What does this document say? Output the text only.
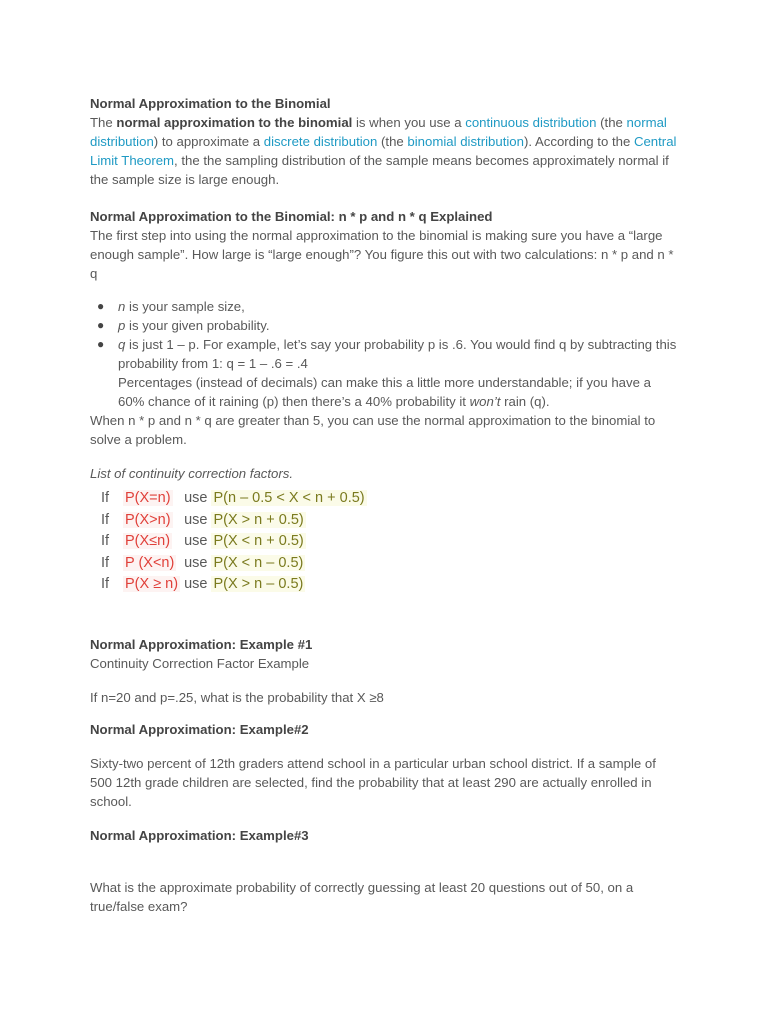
Normal Approximation to the Binomial

The normal approximation to the binomial is when you use a continuous distribution (the normal distribution) to approximate a discrete distribution (the binomial distribution). According to the Central Limit Theorem, the the sampling distribution of the sample means becomes approximately normal if the sample size is large enough.

Normal Approximation to the Binomial: n * p and n * q Explained

The first step into using the normal approximation to the binomial is making sure you have a “large enough sample”. How large is “large enough”? You figure this out with two calculations: n * p and n * q

● n is your sample size,
● p is your given probability.
● q is just 1 – p. For example, let’s say your probability p is .6. You would find q by subtracting this probability from 1: q = 1 – .6 = .4
Percentages (instead of decimals) can make this a little more understandable; if you have a 60% chance of it raining (p) then there’s a 40% probability it won’t rain (q).

When n * p and n * q are greater than 5, you can use the normal approximation to the binomial to solve a problem.

List of continuity correction factors.

If	P(X=n)	use	P(n – 0.5 < X < n + 0.5)
If	P(X>n)	use	P(X > n + 0.5)
If	P(X≤n)	use	P(X < n + 0.5)
If	P (X<n)	use	P(X < n – 0.5)
If	P(X ≥ n)	use	P(X > n – 0.5)

Normal Approximation: Example #1

Continuity Correction Factor Example

If n=20 and p=.25, what is the probability that X ≥8

Normal Approximation: Example#2

Sixty-two percent of 12th graders attend school in a particular urban school district. If a sample of 500 12th grade children are selected, find the probability that at least 290 are actually enrolled in school.

Normal Approximation: Example#3

What is the approximate probability of correctly guessing at least 20 questions out of 50, on a true/false exam?
